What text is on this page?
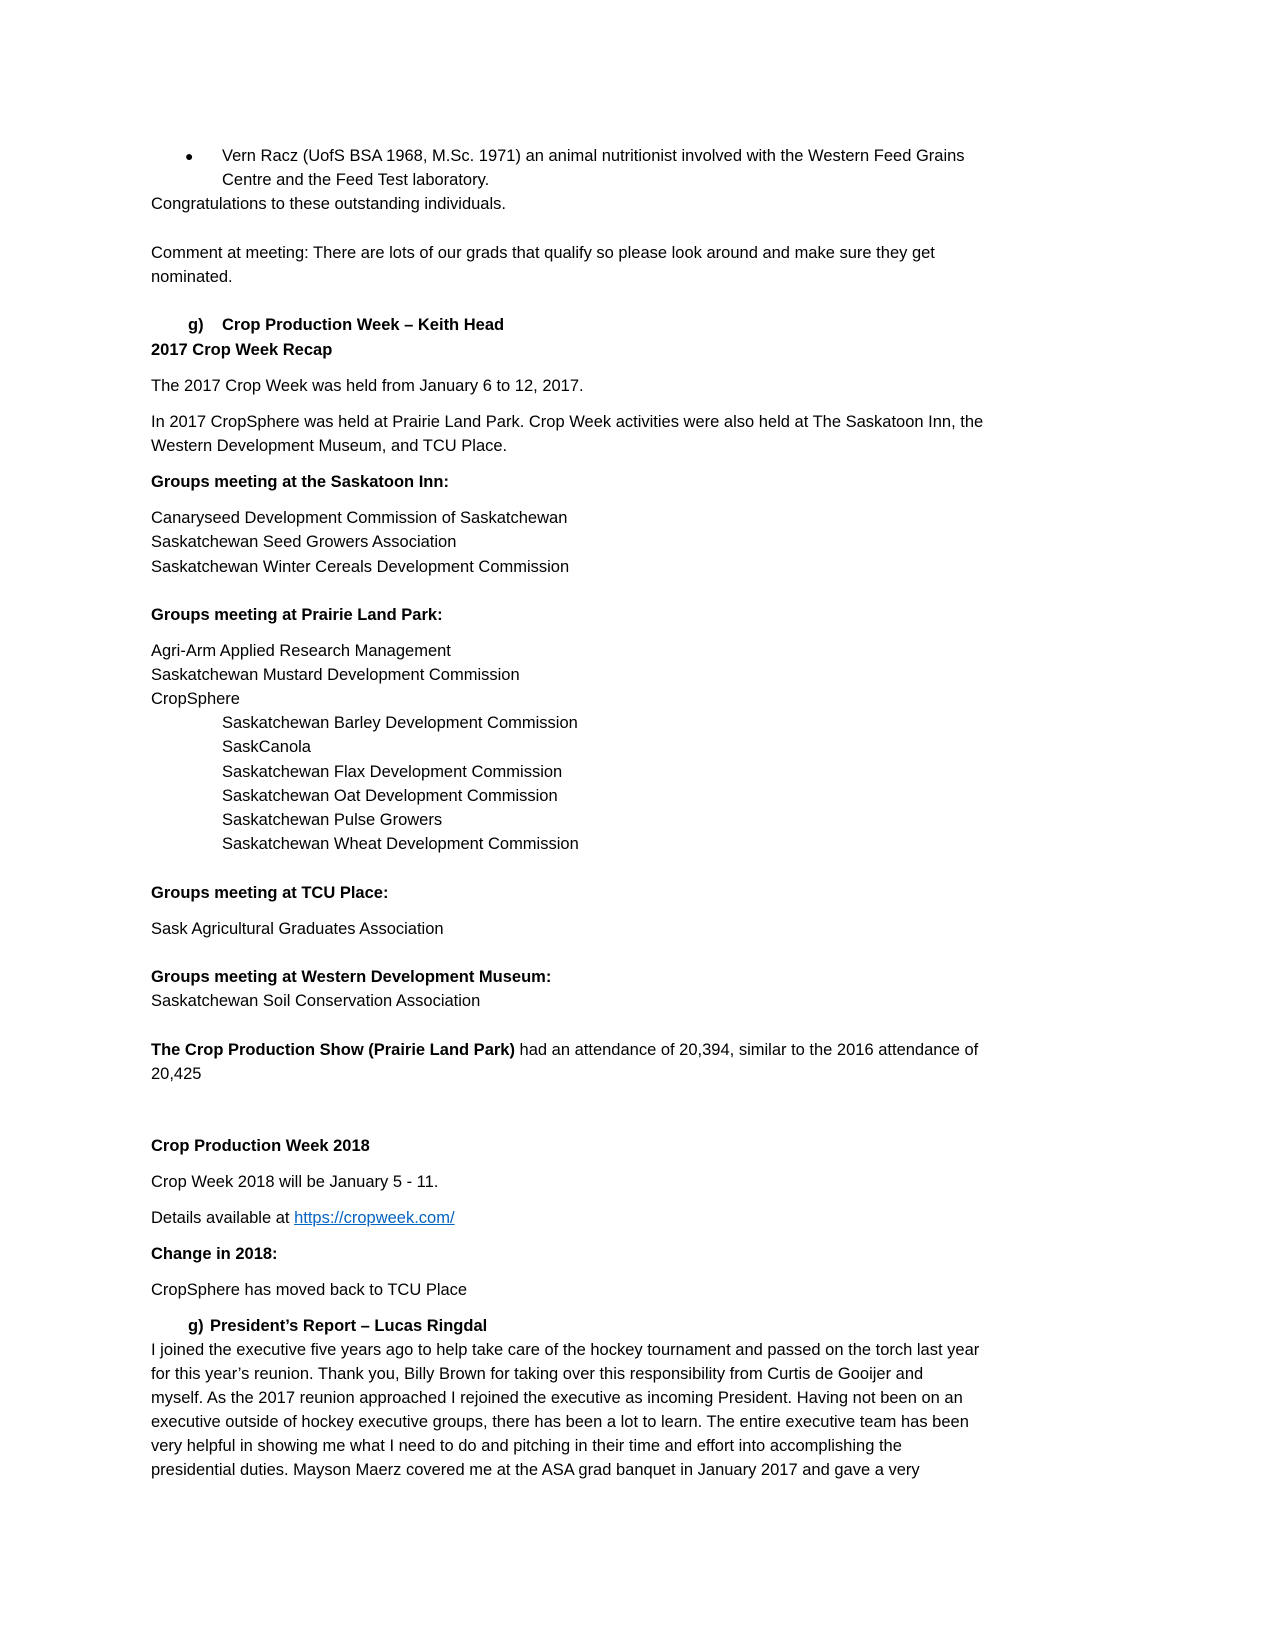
● Vern Racz (UofS BSA 1968, M.Sc. 1971) an animal nutritionist involved with the Western Feed Grains
Centre and the Feed Test laboratory.
Congratulations to these outstanding individuals.
Comment at meeting: There are lots of our grads that qualify so please look around and make sure they get
nominated.
g) Crop Production Week – Keith Head
2017 Crop Week Recap
The 2017 Crop Week was held from January 6 to 12, 2017.
In 2017 CropSphere was held at Prairie Land Park. Crop Week activities were also held at The Saskatoon Inn, the
Western Development Museum, and TCU Place.
Groups meeting at the Saskatoon Inn:
Canaryseed Development Commission of Saskatchewan
Saskatchewan Seed Growers Association
Saskatchewan Winter Cereals Development Commission
Groups meeting at Prairie Land Park:
Agri-Arm Applied Research Management
Saskatchewan Mustard Development Commission
CropSphere
Saskatchewan Barley Development Commission
SaskCanola
Saskatchewan Flax Development Commission
Saskatchewan Oat Development Commission
Saskatchewan Pulse Growers
Saskatchewan Wheat Development Commission
Groups meeting at TCU Place:
Sask Agricultural Graduates Association
Groups meeting at Western Development Museum:
Saskatchewan Soil Conservation Association
The Crop Production Show (Prairie Land Park) had an attendance of 20,394, similar to the 2016 attendance of
20,425
Crop Production Week 2018
Crop Week 2018 will be January 5 - 11.
Details available at https://cropweek.com/
Change in 2018:
CropSphere has moved back to TCU Place
g) President’s Report – Lucas Ringdal
I joined the executive five years ago to help take care of the hockey tournament and passed on the torch last year
for this year’s reunion. Thank you, Billy Brown for taking over this responsibility from Curtis de Gooijer and
myself. As the 2017 reunion approached I rejoined the executive as incoming President. Having not been on an
executive outside of hockey executive groups, there has been a lot to learn. The entire executive team has been
very helpful in showing me what I need to do and pitching in their time and effort into accomplishing the
presidential duties. Mayson Maerz covered me at the ASA grad banquet in January 2017 and gave a very
